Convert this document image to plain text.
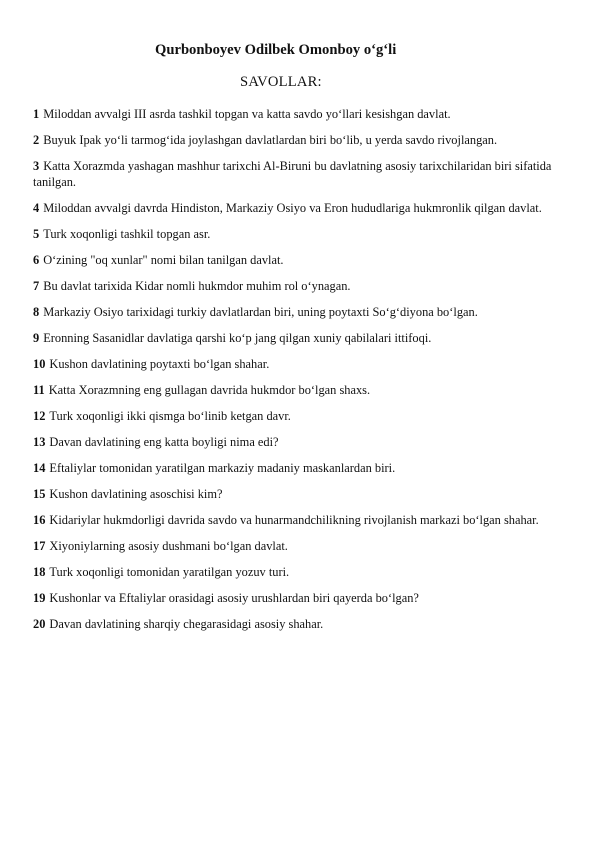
Qurbonboyev Odilbek Omonboy o‘g‘li
SAVOLLAR:
1 Miloddan avvalgi III asrda tashkil topgan va katta savdo yo‘llari kesishgan davlat.
2 Buyuk Ipak yo‘li tarmog‘ida joylashgan davlatlardan biri bo‘lib, u yerda savdo rivojlangan.
3 Katta Xorazmda yashagan mashhur tarixchi Al-Biruni bu davlatning asosiy tarixchilaridan biri sifatida tanilgan.
4 Miloddan avvalgi davrda Hindiston, Markaziy Osiyo va Eron hududlariga hukmronlik qilgan davlat.
5 Turk xoqonligi tashkil topgan asr.
6 O‘zining "oq xunlar" nomi bilan tanilgan davlat.
7 Bu davlat tarixida Kidar nomli hukmdor muhim rol o‘ynagan.
8 Markaziy Osiyo tarixidagi turkiy davlatlardan biri, uning poytaxti So‘g‘diyona bo‘lgan.
9 Eronning Sasanidlar davlatiga qarshi ko‘p jang qilgan xuniy qabilalari ittifoqi.
10 Kushon davlatining poytaxti bo‘lgan shahar.
11 Katta Xorazmning eng gullagan davrida hukmdor bo‘lgan shaxs.
12 Turk xoqonligi ikki qismga bo‘linib ketgan davr.
13 Davan davlatining eng katta boyligi nima edi?
14 Eftaliylar tomonidan yaratilgan markaziy madaniy maskanlardan biri.
15 Kushon davlatining asoschisi kim?
16 Kidariylar hukmdorligi davrida savdo va hunarmandchilikning rivojlanish markazi bo‘lgan shahar.
17 Xiyoniylarning asosiy dushmani bo‘lgan davlat.
18 Turk xoqonligi tomonidan yaratilgan yozuv turi.
19 Kushonlar va Eftaliylar orasidagi asosiy urushlardan biri qayerda bo‘lgan?
20 Davan davlatining sharqiy chegarasidagi asosiy shahar.
